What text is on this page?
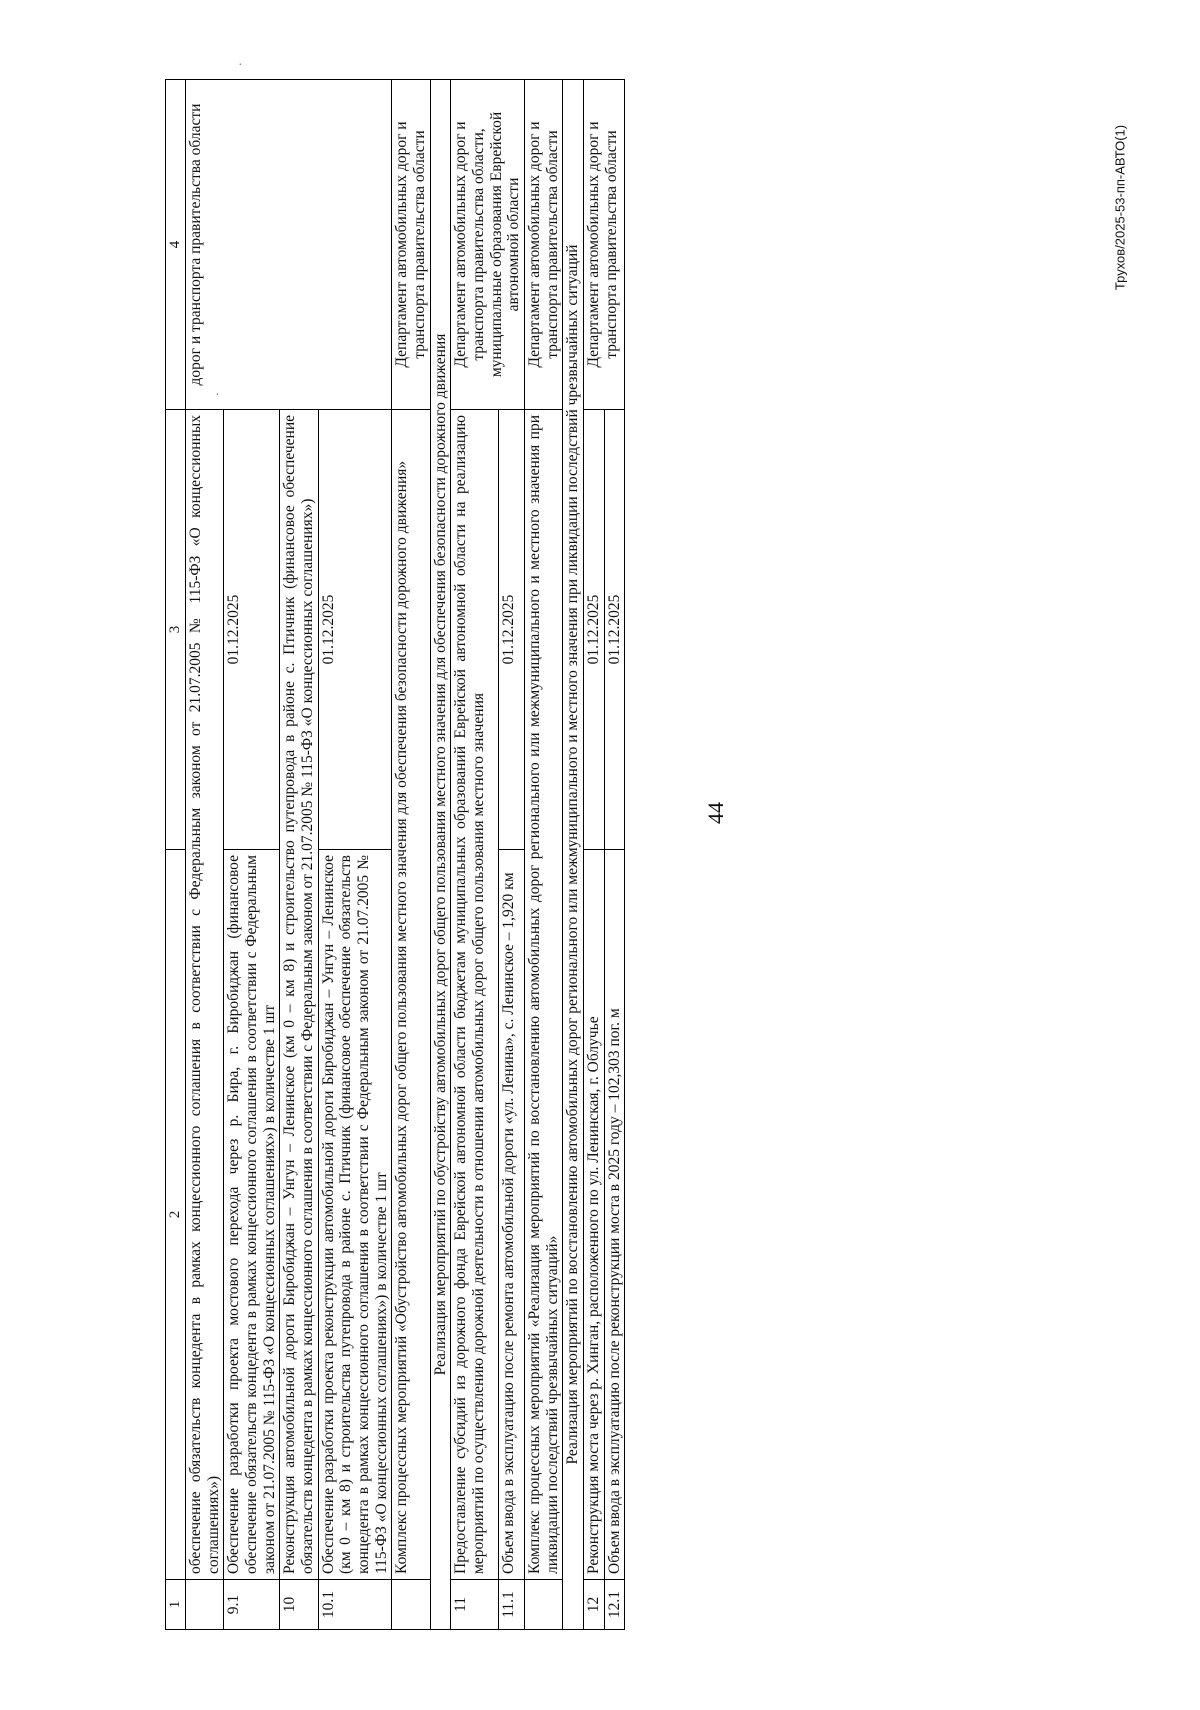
·
·
44
Трухов/2025-53-пп-АВТО(1)
1	2	3	4
	обеспечение обязательств концедента в рамках концессионного соглашения в соответствии с Федеральным законом от 21.07.2005 № 115-ФЗ «О концессионных соглашениях»)		дорог и транспорта правительства области
9.1	Обеспечение разработки проекта мостового перехода через р. Бира, г. Биробиджан (финансовое обеспечение обязательств концедента в рамках концессионного соглашения в соответствии с Федеральным законом от 21.07.2005 № 115-ФЗ «О концессионных соглашениях») в количестве 1 шт	01.12.2025	
10	Реконструкция автомобильной дороги Биробиджан – Унгун – Ленинское (км 0 – км 8) и строительство путепровода в районе с. Птичник (финансовое обеспечение обязательств концедента в рамках концессионного соглашения в соответствии с Федеральным законом от 21.07.2005 № 115-ФЗ «О концессионных соглашениях»)		
10.1	Обеспечение разработки проекта реконструкции автомобильной дороги Биробиджан – Унгун – Ленинское (км 0 – км 8) и строительства путепровода в районе с. Птичник (финансовое обеспечение обязательств концедента в рамках концессионного соглашения в соответствии с Федеральным законом от 21.07.2005 № 115-ФЗ «О концессионных соглашениях») в количестве 1 шт	01.12.2025	
	Комплекс процессных мероприятий «Обустройство автомобильных дорог общего пользования местного значения для обеспечения безопасности дорожного движения»		Департамент автомобильных дорог и транспорта правительства области
Реализация мероприятий по обустройству автомобильных дорог общего пользования местного значения для обеспечения безопасности дорожного движения			
11	Предоставление субсидий из дорожного фонда Еврейской автономной области бюджетам муниципальных образований Еврейской автономной области на реализацию мероприятий по осуществлению дорожной деятельности в отношении автомобильных дорог общего пользования местного значения		Департамент автомобильных дорог и транспорта правительства области, муниципальные образования Еврейской автономной области
11.1	Объем ввода в эксплуатацию после ремонта автомобильной дороги «ул. Ленина», с. Ленинское – 1,920 км	01.12.2025	
	Комплекс процессных мероприятий «Реализация мероприятий по восстановлению автомобильных дорог регионального или межмуниципального и местного значения при ликвидации последствий чрезвычайных ситуаций»		Департамент автомобильных дорог и транспорта правительства области
Реализация мероприятий по восстановлению автомобильных дорог регионального или межмуниципального и местного значения при ликвидации последствий чрезвычайных ситуаций			
12	Реконструкция моста через р. Хинган, расположенного по ул. Ленинская, г. Облучье	01.12.2025	Департамент автомобильных дорог и транспорта правительства области
12.1	Объем ввода в эксплуатацию после реконструкции моста в 2025 году – 102,303 пог. м	01.12.2025	
